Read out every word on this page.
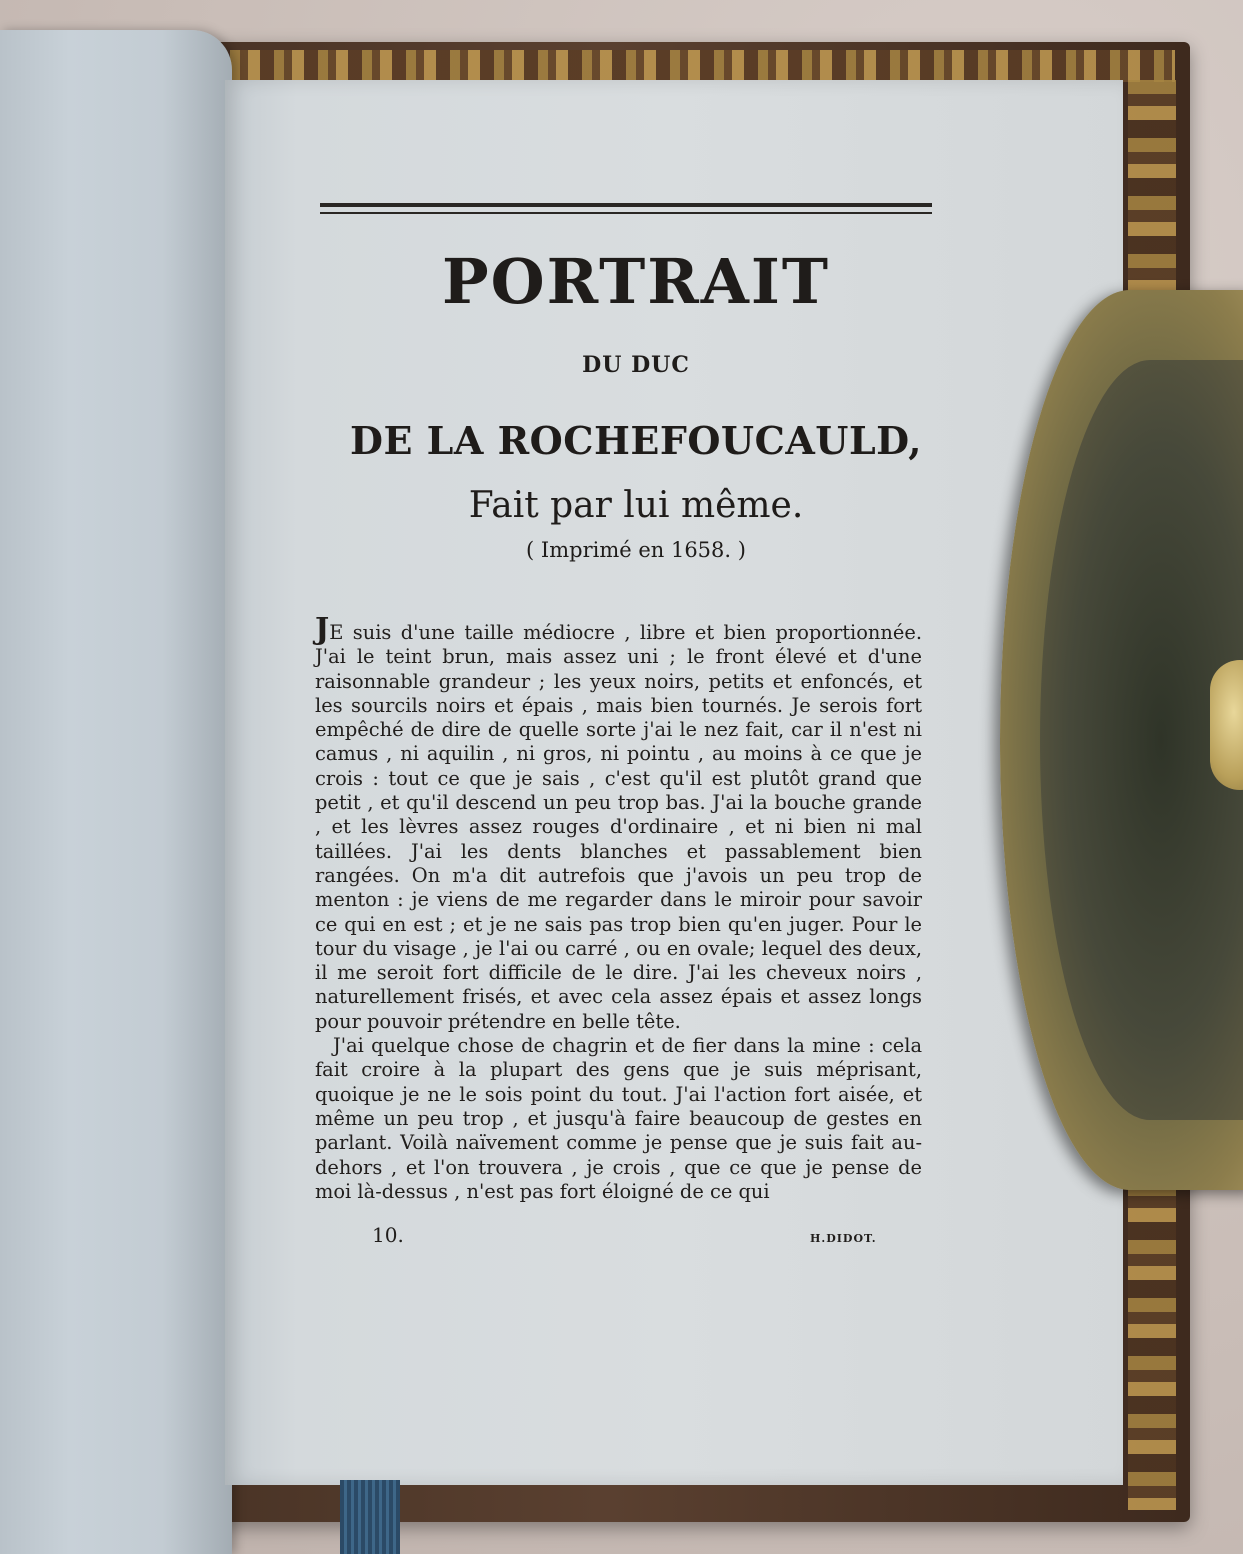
PORTRAIT
DU DUC
DE LA ROCHEFOUCAULD,
Fait par lui même.
( Imprimé en 1658. )

JE suis d'une taille médiocre , libre et bien proportionnée. J'ai le teint brun, mais assez uni ; le front élevé et d'une raisonnable grandeur ; les yeux noirs, petits et enfoncés, et les sourcils noirs et épais , mais bien tournés. Je serois fort empêché de dire de quelle sorte j'ai le nez fait, car il n'est ni camus , ni aquilin , ni gros, ni pointu , au moins à ce que je crois : tout ce que je sais , c'est qu'il est plutôt grand que petit , et qu'il descend un peu trop bas. J'ai la bouche grande , et les lèvres assez rouges d'ordinaire , et ni bien ni mal taillées. J'ai les dents blanches et passablement bien rangées. On m'a dit autrefois que j'avois un peu trop de menton : je viens de me regarder dans le miroir pour savoir ce qui en est ; et je ne sais pas trop bien qu'en juger. Pour le tour du visage , je l'ai ou carré , ou en ovale; lequel des deux, il me seroit fort difficile de le dire. J'ai les cheveux noirs , naturellement frisés, et avec cela assez épais et assez longs pour pouvoir prétendre en belle tête.

J'ai quelque chose de chagrin et de fier dans la mine : cela fait croire à la plupart des gens que je suis méprisant, quoique je ne le sois point du tout. J'ai l'action fort aisée, et même un peu trop , et jusqu'à faire beaucoup de gestes en parlant. Voilà naïvement comme je pense que je suis fait au-dehors , et l'on trouvera , je crois , que ce que je pense de moi là-dessus , n'est pas fort éloigné de ce qui

10.	H.DIDOT.
